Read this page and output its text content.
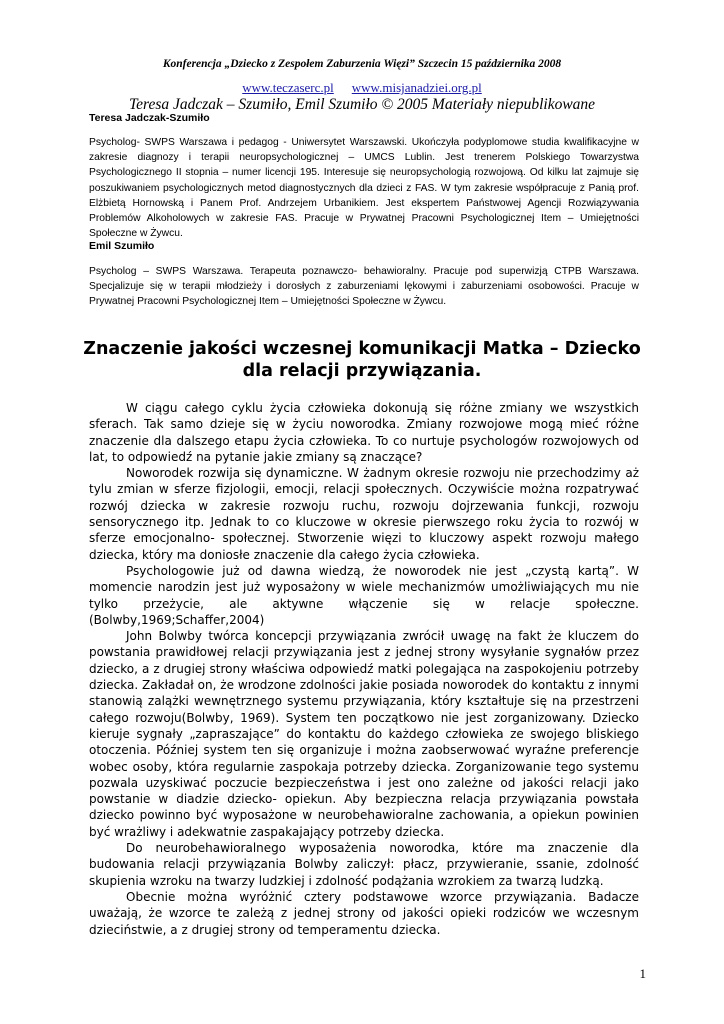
Konferencja „Dziecko z Zespołem Zaburzenia Więzi” Szczecin 15 października 2008
www.teczaserc.pl www.misjanadziei.org.pl
Teresa Jadczak – Szumiło, Emil Szumiło © 2005 Materiały niepublikowane
Teresa Jadczak-Szumiło
Psycholog- SWPS Warszawa i pedagog - Uniwersytet Warszawski. Ukończyła podyplomowe studia kwalifikacyjne w zakresie diagnozy i terapii neuropsychologicznej – UMCS Lublin. Jest trenerem Polskiego Towarzystwa Psychologicznego II stopnia – numer licencji 195. Interesuje się neuropsychologią rozwojową. Od kilku lat zajmuje się poszukiwaniem psychologicznych metod diagnostycznych dla dzieci z FAS. W tym zakresie współpracuje z Panią prof. Elżbietą Hornowską i Panem Prof. Andrzejem Urbanikiem. Jest ekspertem Państwowej Agencji Rozwiązywania Problemów Alkoholowych w zakresie FAS. Pracuje w Prywatnej Pracowni Psychologicznej Item – Umiejętności Społeczne w Żywcu.
Emil Szumiło
Psycholog – SWPS Warszawa. Terapeuta poznawczo- behawioralny. Pracuje pod superwizją CTPB Warszawa. Specjalizuje się w terapii młodzieży i dorosłych z zaburzeniami lękowymi i zaburzeniami osobowości. Pracuje w Prywatnej Pracowni Psychologicznej Item – Umiejętności Społeczne w Żywcu.
Znaczenie jakości wczesnej komunikacji Matka – Dziecko
dla relacji przywiązania.

W ciągu całego cyklu życia człowieka dokonują się różne zmiany we wszystkich sferach. Tak samo dzieje się w życiu noworodka. Zmiany rozwojowe mogą mieć różne znaczenie dla dalszego etapu życia człowieka. To co nurtuje psychologów rozwojowych od lat, to odpowiedź na pytanie jakie zmiany są znaczące?

Noworodek rozwija się dynamiczne. W żadnym okresie rozwoju nie przechodzimy aż tylu zmian w sferze fizjologii, emocji, relacji społecznych. Oczywiście można rozpatrywać rozwój dziecka w zakresie rozwoju ruchu, rozwoju dojrzewania funkcji, rozwoju sensorycznego itp. Jednak to co kluczowe w okresie pierwszego roku życia to rozwój w sferze emocjonalno- społecznej. Stworzenie więzi to kluczowy aspekt rozwoju małego dziecka, który ma doniosłe znaczenie dla całego życia człowieka.

Psychologowie już od dawna wiedzą, że noworodek nie jest „czystą kartą”. W momencie narodzin jest już wyposażony w wiele mechanizmów umożliwiających mu nie tylko przeżycie, ale aktywne włączenie się w relacje społeczne.(Bolwby,1969;Schaffer,2004)

John Bolwby twórca koncepcji przywiązania zwrócił uwagę na fakt że kluczem do powstania prawidłowej relacji przywiązania jest z jednej strony wysyłanie sygnałów przez dziecko, a z drugiej strony właściwa odpowiedź matki polegająca na zaspokojeniu potrzeby dziecka. Zakładał on, że wrodzone zdolności jakie posiada noworodek do kontaktu z innymi stanowią zalążki wewnętrznego systemu przywiązania, który kształtuje się na przestrzeni całego rozwoju(Bolwby, 1969). System ten początkowo nie jest zorganizowany. Dziecko kieruje sygnały „zapraszające” do kontaktu do każdego człowieka ze swojego bliskiego otoczenia. Później system ten się organizuje i można zaobserwować wyraźne preferencje wobec osoby, która regularnie zaspokaja potrzeby dziecka. Zorganizowanie tego systemu pozwala uzyskiwać poczucie bezpieczeństwa i jest ono zależne od jakości relacji jako powstanie w diadzie dziecko- opiekun. Aby bezpieczna relacja przywiązania powstała dziecko powinno być wyposażone w neurobehawioralne zachowania, a opiekun powinien być wrażliwy i adekwatnie zaspakajający potrzeby dziecka.

Do neurobehawioralnego wyposażenia noworodka, które ma znaczenie dla budowania relacji przywiązania Bolwby zaliczył: płacz, przywieranie, ssanie, zdolność skupienia wzroku na twarzy ludzkiej i zdolność podążania wzrokiem za twarzą ludzką.

Obecnie można wyróżnić cztery podstawowe wzorce przywiązania. Badacze uważają, że wzorce te zależą z jednej strony od jakości opieki rodziców we wczesnym dzieciństwie, a z drugiej strony od temperamentu dziecka.

1
